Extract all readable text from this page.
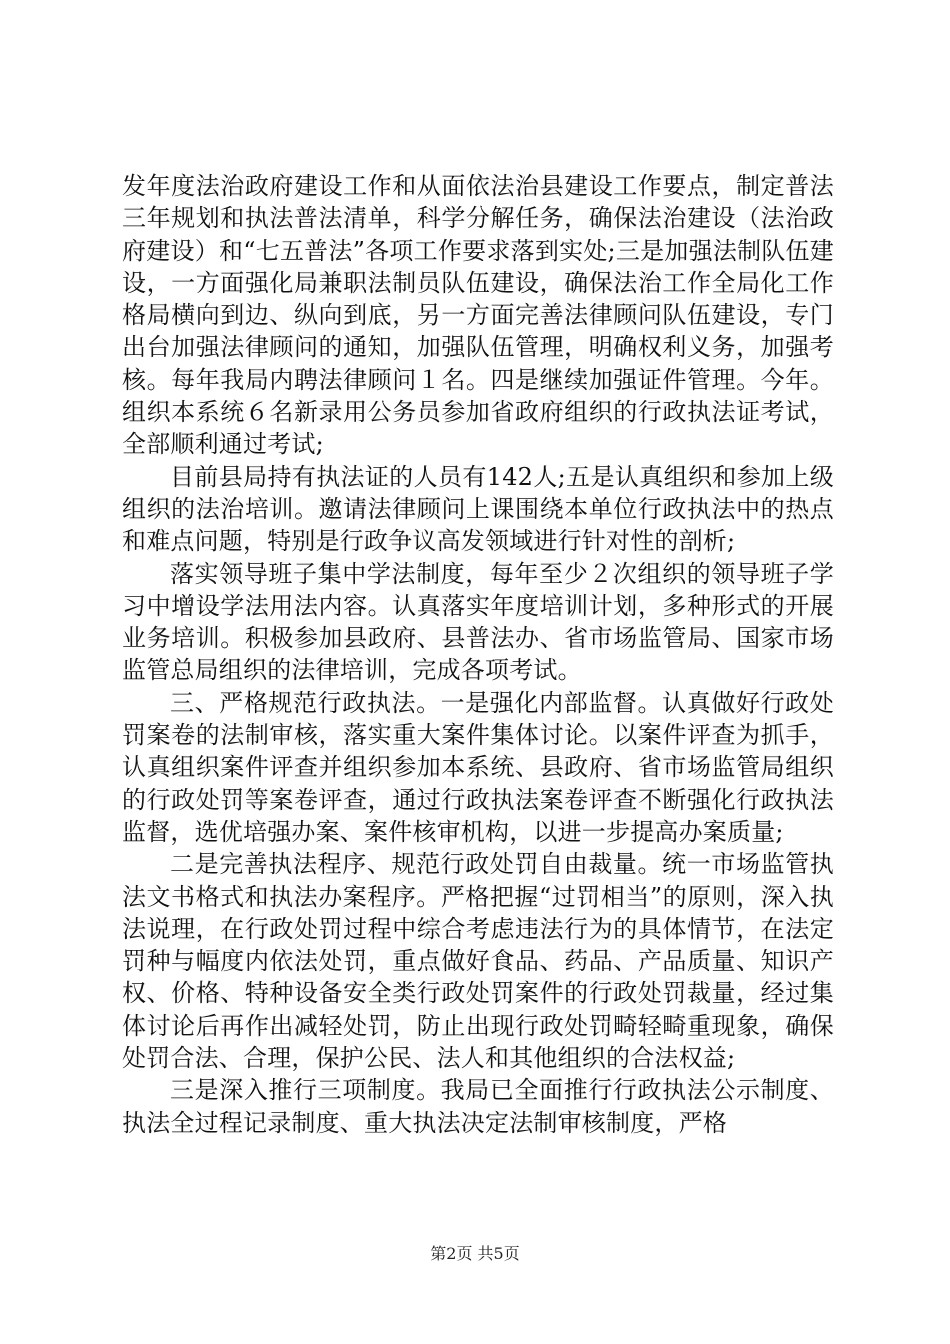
发年度法治政府建设工作和从面依法治县建设工作要点，制定普法三年规划和执法普法清单，科学分解任务，确保法治建设（法治政府建设）和“七五普法”各项工作要求落到实处;三是加强法制队伍建设，一方面强化局兼职法制员队伍建设，确保法治工作全局化工作格局横向到边、纵向到底，另一方面完善法律顾问队伍建设，专门出台加强法律顾问的通知，加强队伍管理，明确权利义务，加强考核。每年我局内聘法律顾问１名。四是继续加强证件管理。今年。组织本系统６名新录用公务员参加省政府组织的行政执法证考试，全部顺利通过考试;

目前县局持有执法证的人员有142人;五是认真组织和参加上级组织的法治培训。邀请法律顾问上课围绕本单位行政执法中的热点和难点问题，特别是行政争议高发领域进行针对性的剖析;

落实领导班子集中学法制度，每年至少２次组织的领导班子学习中增设学法用法内容。认真落实年度培训计划，多种形式的开展业务培训。积极参加县政府、县普法办、省市场监管局、国家市场监管总局组织的法律培训，完成各项考试。

三、严格规范行政执法。一是强化内部监督。认真做好行政处罚案卷的法制审核，落实重大案件集体讨论。以案件评查为抓手，认真组织案件评查并组织参加本系统、县政府、省市场监管局组织的行政处罚等案卷评查，通过行政执法案卷评查不断强化行政执法监督，选优培强办案、案件核审机构，以进一步提高办案质量;

二是完善执法程序、规范行政处罚自由裁量。统一市场监管执法文书格式和执法办案程序。严格把握“过罚相当”的原则，深入执法说理，在行政处罚过程中综合考虑违法行为的具体情节，在法定罚种与幅度内依法处罚，重点做好食品、药品、产品质量、知识产权、价格、特种设备安全类行政处罚案件的行政处罚裁量，经过集体讨论后再作出减轻处罚，防止出现行政处罚畸轻畸重现象，确保处罚合法、合理，保护公民、法人和其他组织的合法权益;

三是深入推行三项制度。我局已全面推行行政执法公示制度、执法全过程记录制度、重大执法决定法制审核制度，严格

第2页 共5页
